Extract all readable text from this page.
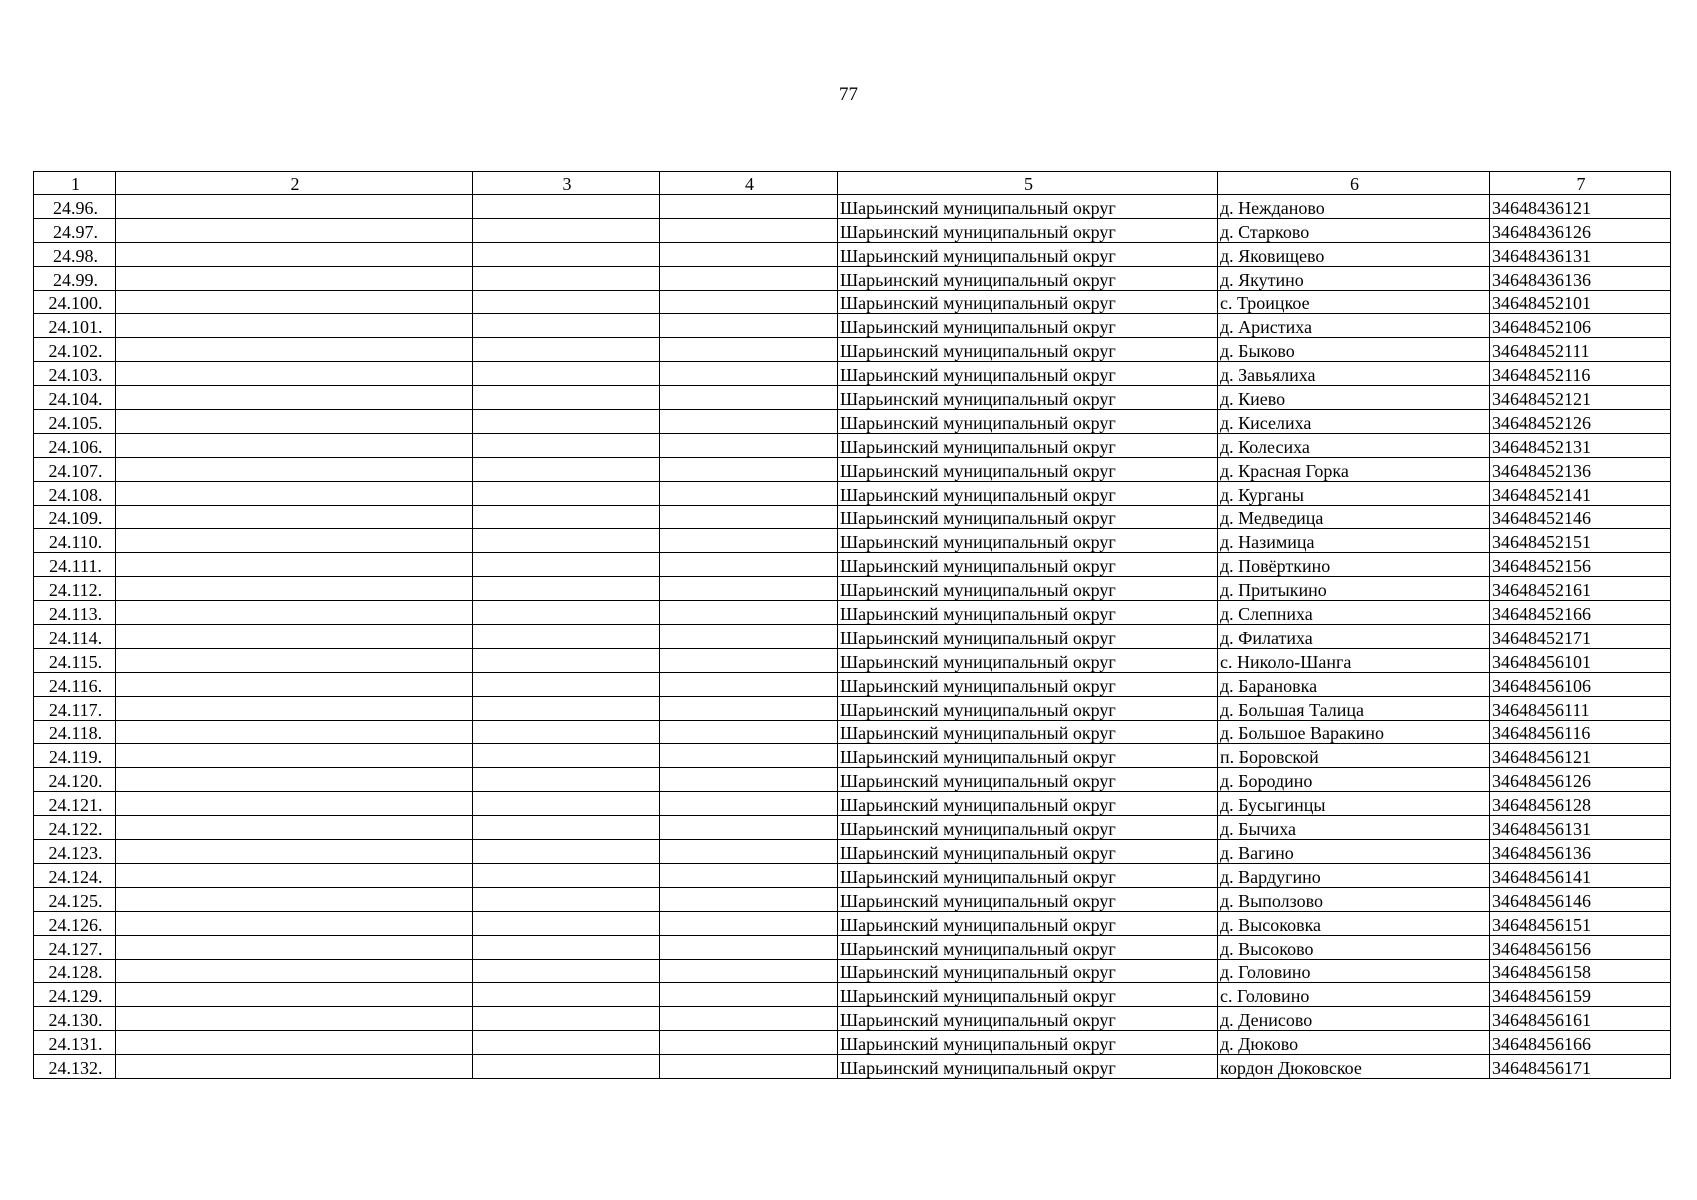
77
1	2	3	4	5	6	7
24.96.				Шарьинский муниципальный округ	д. Нежданово	34648436121
24.97.				Шарьинский муниципальный округ	д. Старково	34648436126
24.98.				Шарьинский муниципальный округ	д. Яковищево	34648436131
24.99.				Шарьинский муниципальный округ	д. Якутино	34648436136
24.100.				Шарьинский муниципальный округ	с. Троицкое	34648452101
24.101.				Шарьинский муниципальный округ	д. Аристиха	34648452106
24.102.				Шарьинский муниципальный округ	д. Быково	34648452111
24.103.				Шарьинский муниципальный округ	д. Завьялиха	34648452116
24.104.				Шарьинский муниципальный округ	д. Киево	34648452121
24.105.				Шарьинский муниципальный округ	д. Киселиха	34648452126
24.106.				Шарьинский муниципальный округ	д. Колесиха	34648452131
24.107.				Шарьинский муниципальный округ	д. Красная Горка	34648452136
24.108.				Шарьинский муниципальный округ	д. Курганы	34648452141
24.109.				Шарьинский муниципальный округ	д. Медведица	34648452146
24.110.				Шарьинский муниципальный округ	д. Назимица	34648452151
24.111.				Шарьинский муниципальный округ	д. Повёрткино	34648452156
24.112.				Шарьинский муниципальный округ	д. Притыкино	34648452161
24.113.				Шарьинский муниципальный округ	д. Слепниха	34648452166
24.114.				Шарьинский муниципальный округ	д. Филатиха	34648452171
24.115.				Шарьинский муниципальный округ	с. Николо-Шанга	34648456101
24.116.				Шарьинский муниципальный округ	д. Барановка	34648456106
24.117.				Шарьинский муниципальный округ	д. Большая Талица	34648456111
24.118.				Шарьинский муниципальный округ	д. Большое Варакино	34648456116
24.119.				Шарьинский муниципальный округ	п. Боровской	34648456121
24.120.				Шарьинский муниципальный округ	д. Бородино	34648456126
24.121.				Шарьинский муниципальный округ	д. Бусыгинцы	34648456128
24.122.				Шарьинский муниципальный округ	д. Бычиха	34648456131
24.123.				Шарьинский муниципальный округ	д. Вагино	34648456136
24.124.				Шарьинский муниципальный округ	д. Вардугино	34648456141
24.125.				Шарьинский муниципальный округ	д. Выползово	34648456146
24.126.				Шарьинский муниципальный округ	д. Высоковка	34648456151
24.127.				Шарьинский муниципальный округ	д. Высоково	34648456156
24.128.				Шарьинский муниципальный округ	д. Головино	34648456158
24.129.				Шарьинский муниципальный округ	с. Головино	34648456159
24.130.				Шарьинский муниципальный округ	д. Денисово	34648456161
24.131.				Шарьинский муниципальный округ	д. Дюково	34648456166
24.132.				Шарьинский муниципальный округ	кордон Дюковское	34648456171
